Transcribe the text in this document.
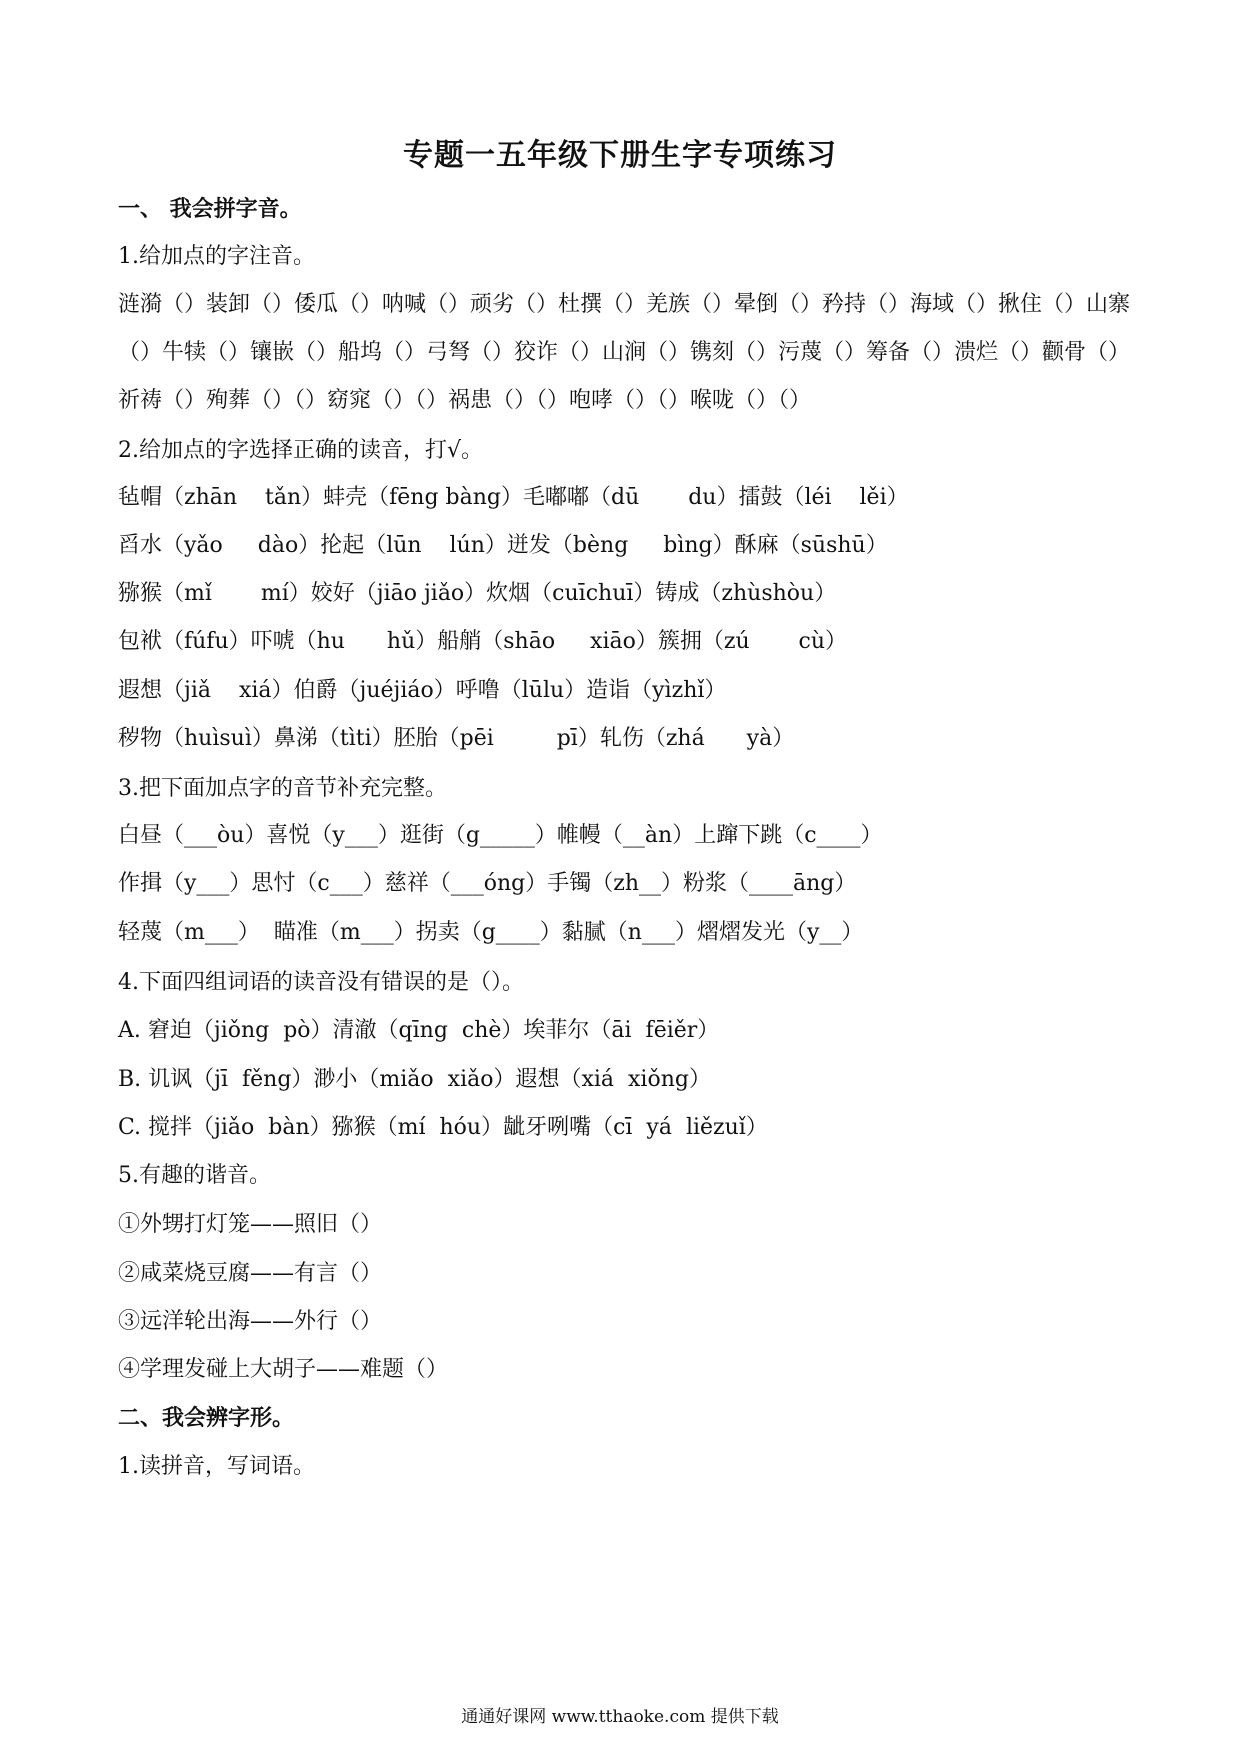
专题一五年级下册生字专项练习
一、 我会拼字音。
1.给加点的字注音。
涟漪（）装卸（）倭瓜（）呐喊（）顽劣（）杜撰（）羌族（）晕倒（）矜持（）海域（）揪住（）山寨
（）牛犊（）镶嵌（）船坞（）弓弩（）狡诈（）山涧（）镌刻（）污蔑（）筹备（）溃烂（）颧骨（）
祈祷（）殉葬（）（）窈窕（）（）祸患（）（）咆哮（）（）喉咙（）（）
2.给加点的字选择正确的读音，打√。
毡帽（zhān    tǎn）蚌壳（fēng bàng）毛嘟嘟（dū       du）擂鼓（léi    lěi）
舀水（yǎo     dào）抡起（lūn    lún）迸发（bèng     bìng）酥麻（sūshū）
猕猴（mǐ       mí）姣好（jiāo jiǎo）炊烟（cuīchuī）铸成（zhùshòu）
包袱（fúfu）吓唬（hu      hǔ）船艄（shāo     xiāo）簇拥（zú       cù）
遐想（jiǎ    xiá）伯爵（juéjiáo）呼噜（lūlu）造诣（yìzhǐ）
秽物（huìsuì）鼻涕（tìti）胚胎（pēi         pī）轧伤（zhá      yà）
3.把下面加点字的音节补充完整。
白昼（___òu）喜悦（y___）逛街（g_____）帷幔（__àn）上蹿下跳（c____）
作揖（y___）思忖（c___）慈祥（___óng）手镯（zh__）粉浆（____āng）
轻蔑（m___）  瞄准（m___）拐卖（g____）黏腻（n___）熠熠发光（y__）
4.下面四组词语的读音没有错误的是（）。
A. 窘迫（jiǒng  pò）清澈（qīng  chè）埃菲尔（āi  fēiěr）
B. 讥讽（jī  fěng）渺小（miǎo  xiǎo）遐想（xiá  xiǒng）
C. 搅拌（jiǎo  bàn）猕猴（mí  hóu）龇牙咧嘴（cī  yá  liězuǐ）
5.有趣的谐音。
①外甥打灯笼——照旧（）
②咸菜烧豆腐——有言（）
③远洋轮出海——外行（）
④学理发碰上大胡子——难题（）
二、我会辨字形。
1.读拼音，写词语。
通通好课网 www.tthaoke.com 提供下载
